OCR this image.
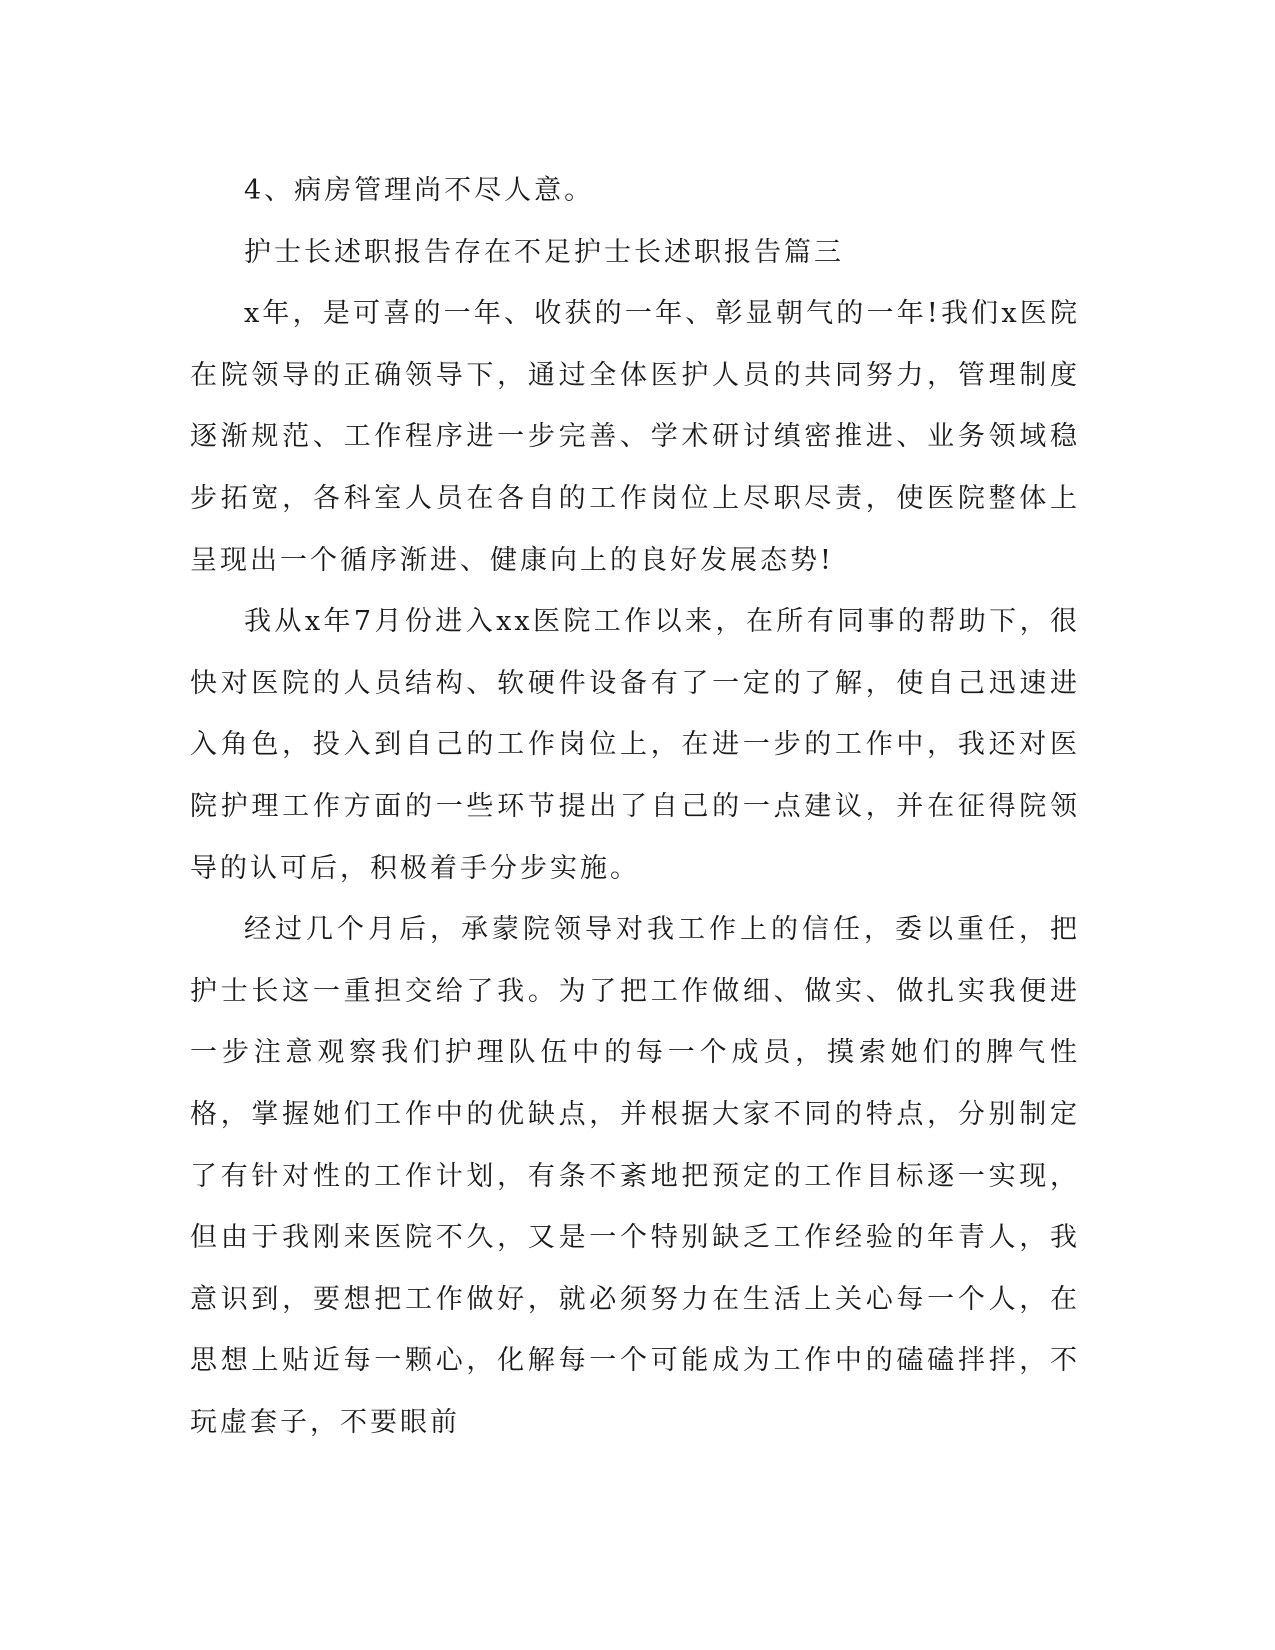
4、病房管理尚不尽人意。

护士长述职报告存在不足护士长述职报告篇三

x年，是可喜的一年、收获的一年、彰显朝气的一年!我们x医院在院领导的正确领导下，通过全体医护人员的共同努力，管理制度逐渐规范、工作程序进一步完善、学术研讨缜密推进、业务领域稳步拓宽，各科室人员在各自的工作岗位上尽职尽责，使医院整体上呈现出一个循序渐进、健康向上的良好发展态势!

我从x年7月份进入xx医院工作以来，在所有同事的帮助下，很快对医院的人员结构、软硬件设备有了一定的了解，使自己迅速进入角色，投入到自己的工作岗位上，在进一步的工作中，我还对医院护理工作方面的一些环节提出了自己的一点建议，并在征得院领导的认可后，积极着手分步实施。

经过几个月后，承蒙院领导对我工作上的信任，委以重任，把护士长这一重担交给了我。为了把工作做细、做实、做扎实我便进一步注意观察我们护理队伍中的每一个成员，摸索她们的脾气性格，掌握她们工作中的优缺点，并根据大家不同的特点，分别制定了有针对性的工作计划，有条不紊地把预定的工作目标逐一实现，但由于我刚来医院不久，又是一个特别缺乏工作经验的年青人，我意识到，要想把工作做好，就必须努力在生活上关心每一个人，在思想上贴近每一颗心，化解每一个可能成为工作中的磕磕拌拌，不玩虚套子，不要眼前
